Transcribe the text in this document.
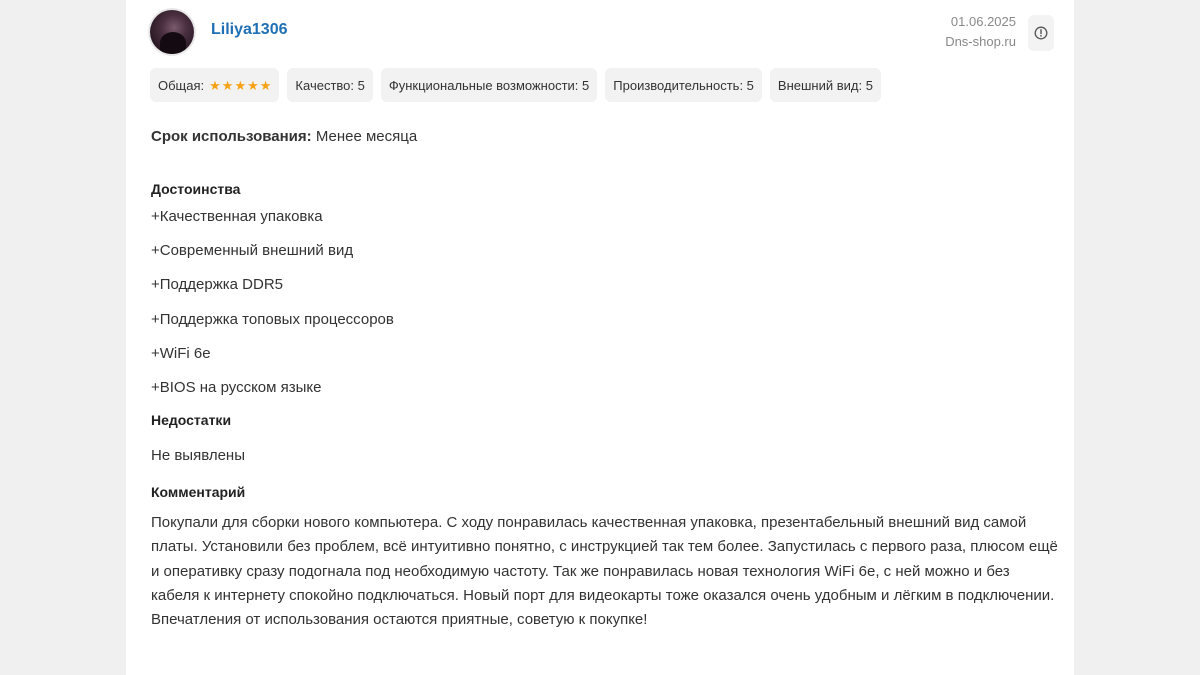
Liliya1306	01.06.2025
Dns-shop.ru
Общая: ★ ★ ★ ★ ★	Качество: 5	Функциональные возможности: 5	Производительность: 5	Внешний вид: 5

Срок использования: Менее месяца

Достоинства
+Качественная упаковка
+Современный внешний вид
+Поддержка DDR5
+Поддержка топовых процессоров
+WiFi 6e
+BIOS на русском языке
Недостатки

Не выявлены

Комментарий

Покупали для сборки нового компьютера. С ходу понравилась качественная упаковка, презентабельный внешний вид самой платы. Установили без проблем, всё интуитивно понятно, с инструкцией так тем более. Запустилась с первого раза, плюсом ещё и оперативку сразу подогнала под необходимую частоту. Так же понравилась новая технология WiFi 6e, с ней можно и без кабеля к интернету спокойно подключаться. Новый порт для видеокарты тоже оказался очень удобным и лёгким в подключении. Впечатления от использования остаются приятные, советую к покупке!
